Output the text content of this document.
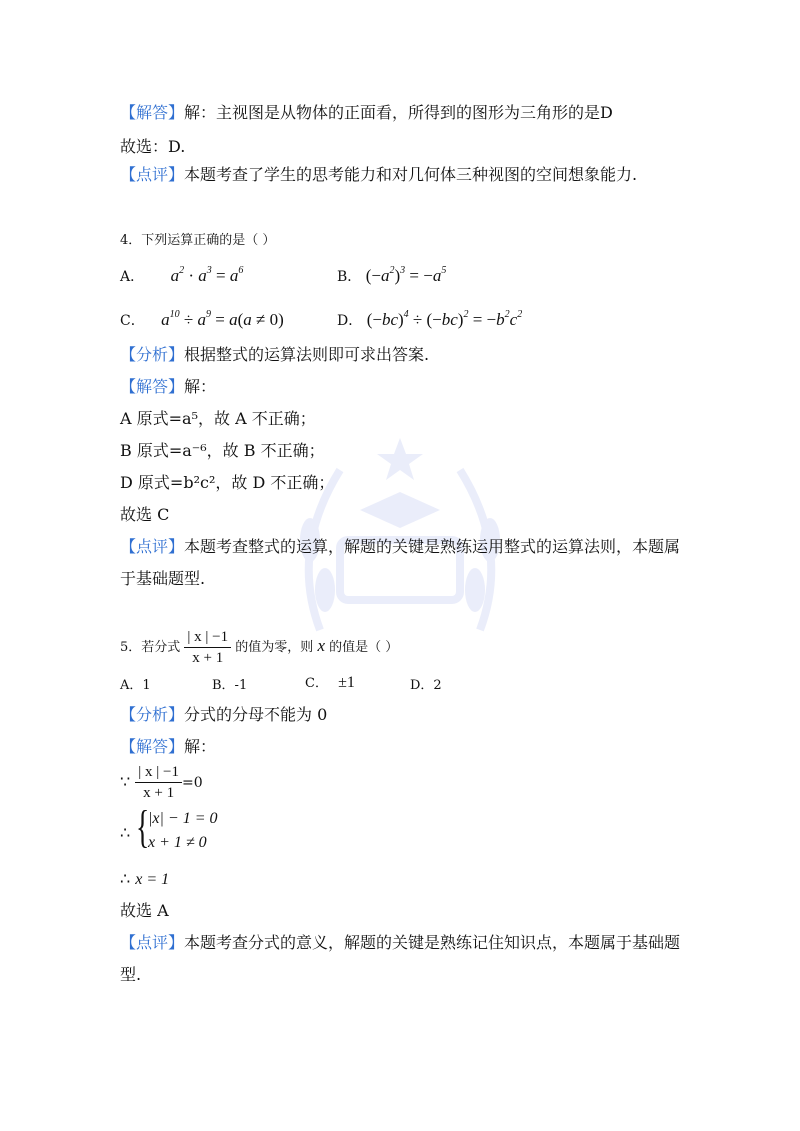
【解答】解：主视图是从物体的正面看，所得到的图形为三角形的是D
故选：D.
【点评】本题考查了学生的思考能力和对几何体三种视图的空间想象能力.
4．下列运算正确的是（ ）
A． $a^2 \cdot a^3 = a^6$	B． $(-a^2)^3 = -a^5$
C． $a^{10} \div a^9 = a(a \ne 0)$	D． $(-bc)^4 \div (-bc)^2 = -b^2c^2$
【分析】根据整式的运算法则即可求出答案.
【解答】解：
A 原式=a⁵，故 A 不正确；
B 原式=a⁻⁶，故 B 不正确；
D 原式=b²c²，故 D 不正确；
故选 C
【点评】本题考查整式的运算，解题的关键是熟练运用整式的运算法则，本题属
于基础题型.
5．若分式 $\frac{| x | -1}{x + 1}$ 的值为零，则 x 的值是（ ）
A．1	B．-1	C． ±1	D．2
【分析】分式的分母不能为 0
【解答】解：
∵ $\frac{| x | -1}{x + 1} =0$
∴ {
|x| − 1 = 0
x + 1 ≠ 0
∴ x = 1
故选 A
【点评】本题考查分式的意义，解题的关键是熟练记住知识点，本题属于基础题
型.
